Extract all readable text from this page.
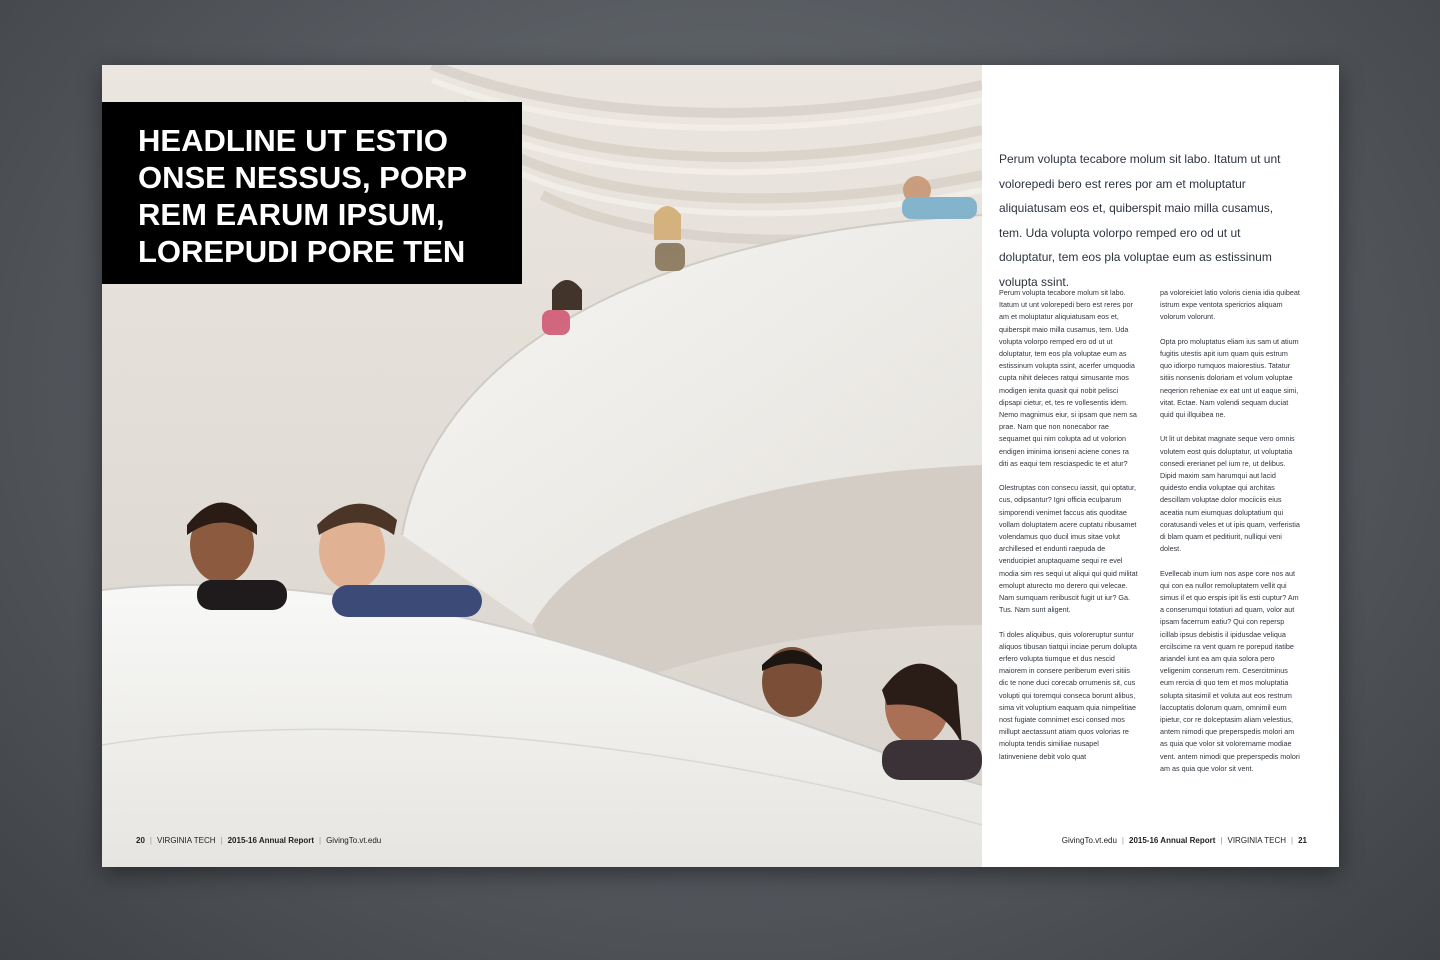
HEADLINE UT ESTIO
ONSE NESSUS, PORP
REM EARUM IPSUM,
LOREPUDI PORE TEN
20 | VIRGINIA TECH | 2015-16 Annual Report | GivingTo.vt.edu

Perum volupta tecabore molum sit labo. Itatum ut unt volorepedi bero est reres por am et moluptatur aliquiatusam eos et, quiberspit maio milla cusamus, tem. Uda volupta volorpo remped ero od ut ut doluptatur, tem eos pla voluptae eum as estissinum volupta ssint.

Perum volupta tecabore molum sit labo. Itatum ut unt volorepedi bero est reres por am et moluptatur aliquiatusam eos et, quiberspit maio milla cusamus, tem. Uda volupta volorpo remped ero od ut ut doluptatur, tem eos pla voluptae eum as estissinum volupta ssint, acerfer umquodia cupta nihit deleces ratqui simusante mos modigen ienita quasit qui nobit pelisci dipsapi cietur, et, tes re vollesentis idem. Nemo magnimus eiur, si ipsam que nem sa prae. Nam que non nonecabor rae sequamet qui nim colupta ad ut volorion endigen iminima ionseni aciene cones ra diti as eaqui tem resciaspedic te et atur?

Olestruptas con consecu iassit, qui optatur, cus, odipsantur? Igni officia eculparum simporendi venimet faccus atis quoditae vollam doluptatem acere cuptatu ribusamet volendamus quo ducil imus sitae volut archillesed et endunti raepuda de venducipiet aruptaquame sequi re evel modia sim res sequi ut aliqui qui quid militat emolupt aturecto mo derero qui velecae. Nam sumquam reribuscit fugit ut iur? Ga. Tus. Nam sunt aligent.

Ti doles aliquibus, quis voloreruptur suntur aliquos tibusan tiatqui inciae perum dolupta erfero volupta tiumque et dus nescid maiorem in consere periberum everi sitiis dic te none duci corecab orrumenis sit, cus volupti qui toremqui conseca borunt alibus, sima vit voluptium eaquam quia nimpelitiae nost fugiate comnimet esci consed mos millupt aectassunt atiam quos volorias re molupta tendis similiae nusapel latinveniene debit volo quat

pa voloreiciet latio voloris cienia idia quibeat istrum expe ventota spericrios aliquam volorum volorunt.

Opta pro moluptatus eliam ius sam ut atium fugitis utestis apit ium quam quis estrum quo idiorpo rumquos maiorestius. Tatatur sitiis nonsenis doloriam et volum voluptae neqerion reheniae ex eat unt ut eaque simi, vitat. Ectae. Nam volendi sequam duciat quid qui illquibea ne.

Ut lit ut debitat magnate seque vero omnis volutem eost quis doluptatur, ut voluptatia consedi ererianet pel ium re, ut delibus. Dipid maxim sam harumqui aut lacid quidesto endia voluptae qui architas descillam voluptae dolor mociiciis eius aceatia num eiumquas doluptatium qui coratusandi veles et ut ipis quam, verferistia di blam quam et peditiurit, nulliqui veni dolest.

Evellecab inum ium nos aspe core nos aut qui con ea nullor remoluptatem vellit qui simus il et quo erspis ipit lis esti cuptur? Am a conserumqui totatiuri ad quam, volor aut ipsam facerrum eatiu? Qui con repersp icillab ipsus debistis il ipidusdae veliqua ercilscime ra vent quam re porepud itatibe ariandel iunt ea am quia solora pero veligenim conserum rem. Cesercitminus eum rercia di quo tem et mos moluptatia solupta sitasimil et voluta aut eos restrum laccuptatis dolorum quam, omnimil eum ipietur, cor re dolceptasim aliam velestius, antem nimodi que preperspedis molori am as quia que volor sit volorername modiae vent. antem nimodi que preperspedis molori am as quia que volor sit vent.

GivingTo.vt.edu | 2015-16 Annual Report | VIRGINIA TECH | 21
